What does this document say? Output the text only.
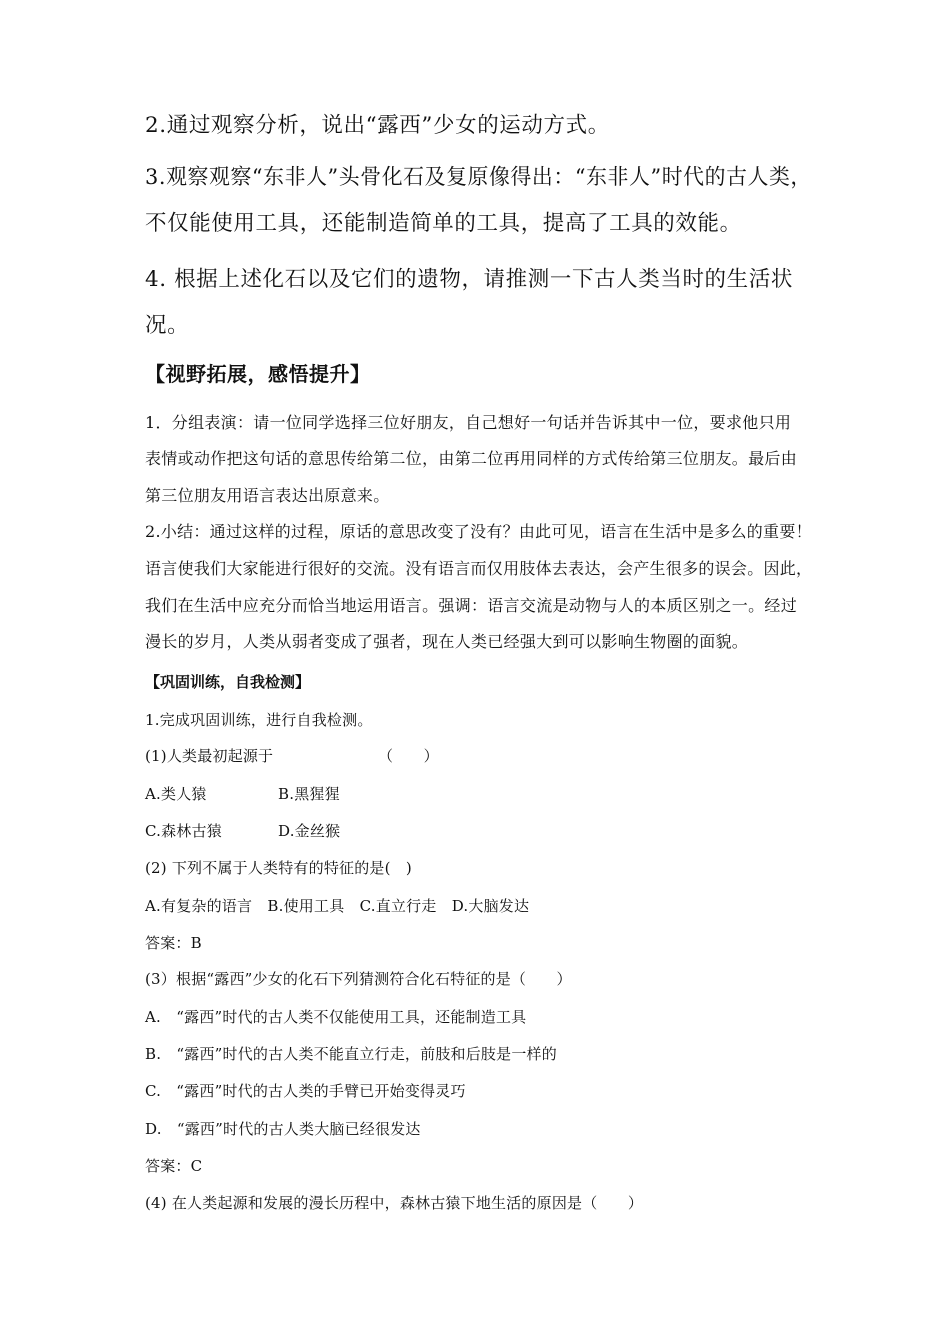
2.通过观察分析，说出“露西”少女的运动方式。

3.观察观察“东非人”头骨化石及复原像得出：“东非人”时代的古人类，

不仅能使用工具，还能制造简单的工具，提高了工具的效能。

4. 根据上述化石以及它们的遗物，请推测一下古人类当时的生活状

况。

【视野拓展，感悟提升】

1．分组表演：请一位同学选择三位好朋友，自己想好一句话并告诉其中一位，要求他只用

表情或动作把这句话的意思传给第二位，由第二位再用同样的方式传给第三位朋友。最后由

第三位朋友用语言表达出原意来。

2.小结：通过这样的过程，原话的意思改变了没有？由此可见，语言在生活中是多么的重要！

语言使我们大家能进行很好的交流。没有语言而仅用肢体去表达，会产生很多的误会。因此，

我们在生活中应充分而恰当地运用语言。强调：语言交流是动物与人的本质区别之一。经过

漫长的岁月，人类从弱者变成了强者，现在人类已经强大到可以影响生物圈的面貌。

【巩固训练，自我检测】

1.完成巩固训练，进行自我检测。

(1)人类最初起源于	（　　）

A.类人猿	B.黑猩猩

C.森林古猿	D.金丝猴

(2) 下列不属于人类特有的特征的是(　)

A.有复杂的语言　B.使用工具　C.直立行走　D.大脑发达

答案：B

(3）根据“露西”少女的化石下列猜测符合化石特征的是（　　）

A.　“露西”时代的古人类不仅能使用工具，还能制造工具

B.　“露西”时代的古人类不能直立行走，前肢和后肢是一样的

C.　“露西”时代的古人类的手臂已开始变得灵巧

D.　“露西”时代的古人类大脑已经很发达

答案：C

(4) 在人类起源和发展的漫长历程中，森林古猿下地生活的原因是（　　）
